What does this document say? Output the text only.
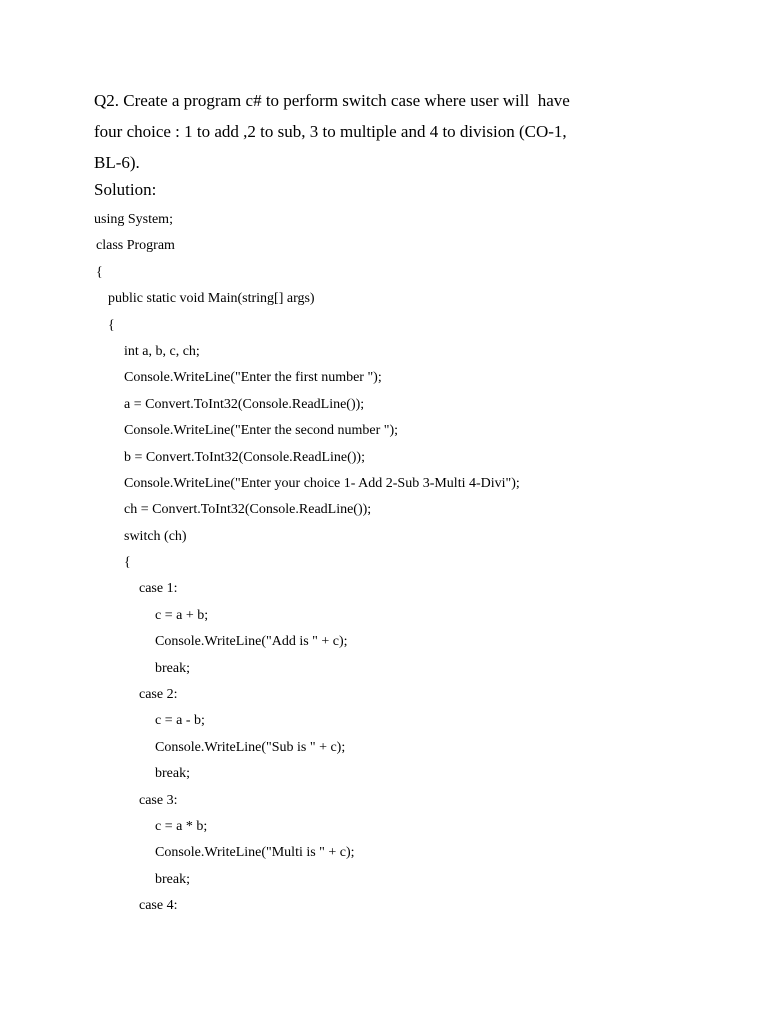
Q2. Create a program c# to perform switch case where user will  have
four choice : 1 to add ,2 to sub, 3 to multiple and 4 to division (CO-1,
BL-6).
Solution:
using System;
class Program
{
public static void Main(string[] args)
{
int a, b, c, ch;
Console.WriteLine("Enter the first number ");
a = Convert.ToInt32(Console.ReadLine());
Console.WriteLine("Enter the second number ");
b = Convert.ToInt32(Console.ReadLine());
Console.WriteLine("Enter your choice 1- Add 2-Sub 3-Multi 4-Divi");
ch = Convert.ToInt32(Console.ReadLine());
switch (ch)
{
case 1:
c = a + b;
Console.WriteLine("Add is " + c);
break;
case 2:
c = a - b;
Console.WriteLine("Sub is " + c);
break;
case 3:
c = a * b;
Console.WriteLine("Multi is " + c);
break;
case 4:
